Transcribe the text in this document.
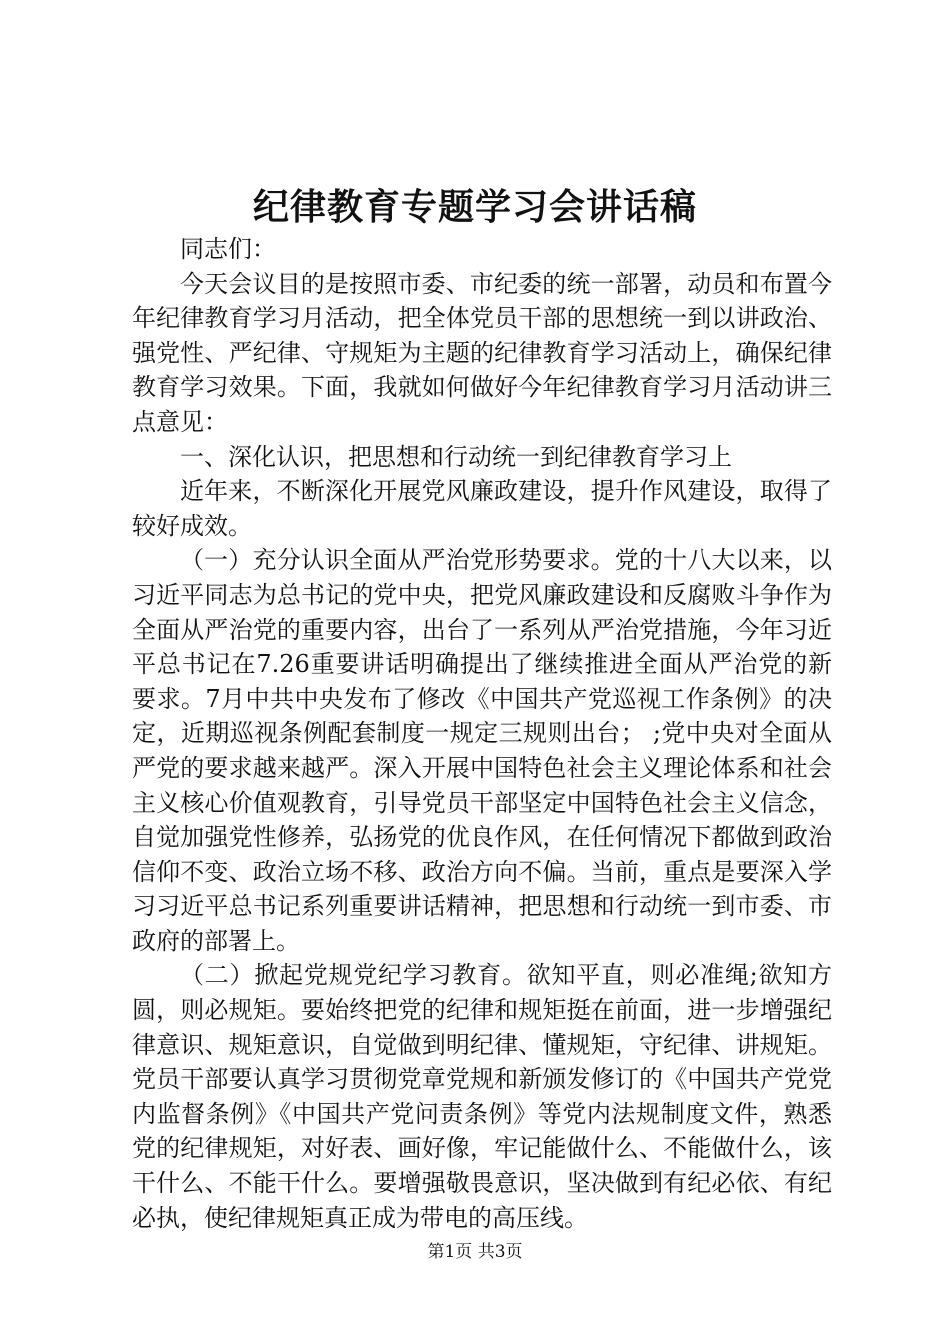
纪律教育专题学习会讲话稿

同志们：

今天会议目的是按照市委、市纪委的统一部署，动员和布置今年纪律教育学习月活动，把全体党员干部的思想统一到以讲政治、强党性、严纪律、守规矩为主题的纪律教育学习活动上，确保纪律教育学习效果。下面，我就如何做好今年纪律教育学习月活动讲三点意见：

一、深化认识，把思想和行动统一到纪律教育学习上

近年来，不断深化开展党风廉政建设，提升作风建设，取得了较好成效。

（一）充分认识全面从严治党形势要求。党的十八大以来，以习近平同志为总书记的党中央，把党风廉政建设和反腐败斗争作为全面从严治党的重要内容，出台了一系列从严治党措施，今年习近平总书记在7.26重要讲话明确提出了继续推进全面从严治党的新要求。7月中共中央发布了修改《中国共产党巡视工作条例》的决定，近期巡视条例配套制度一规定三规则出台； ;党中央对全面从严党的要求越来越严。深入开展中国特色社会主义理论体系和社会主义核心价值观教育，引导党员干部坚定中国特色社会主义信念，自觉加强党性修养，弘扬党的优良作风，在任何情况下都做到政治信仰不变、政治立场不移、政治方向不偏。当前，重点是要深入学习习近平总书记系列重要讲话精神，把思想和行动统一到市委、市政府的部署上。

（二）掀起党规党纪学习教育。欲知平直，则必准绳;欲知方圆，则必规矩。要始终把党的纪律和规矩挺在前面，进一步增强纪律意识、规矩意识，自觉做到明纪律、懂规矩，守纪律、讲规矩。党员干部要认真学习贯彻党章党规和新颁发修订的《中国共产党党内监督条例》《中国共产党问责条例》等党内法规制度文件，熟悉党的纪律规矩，对好表、画好像，牢记能做什么、不能做什么，该干什么、不能干什么。要增强敬畏意识，坚决做到有纪必依、有纪必执，使纪律规矩真正成为带电的高压线。

第1页 共3页
